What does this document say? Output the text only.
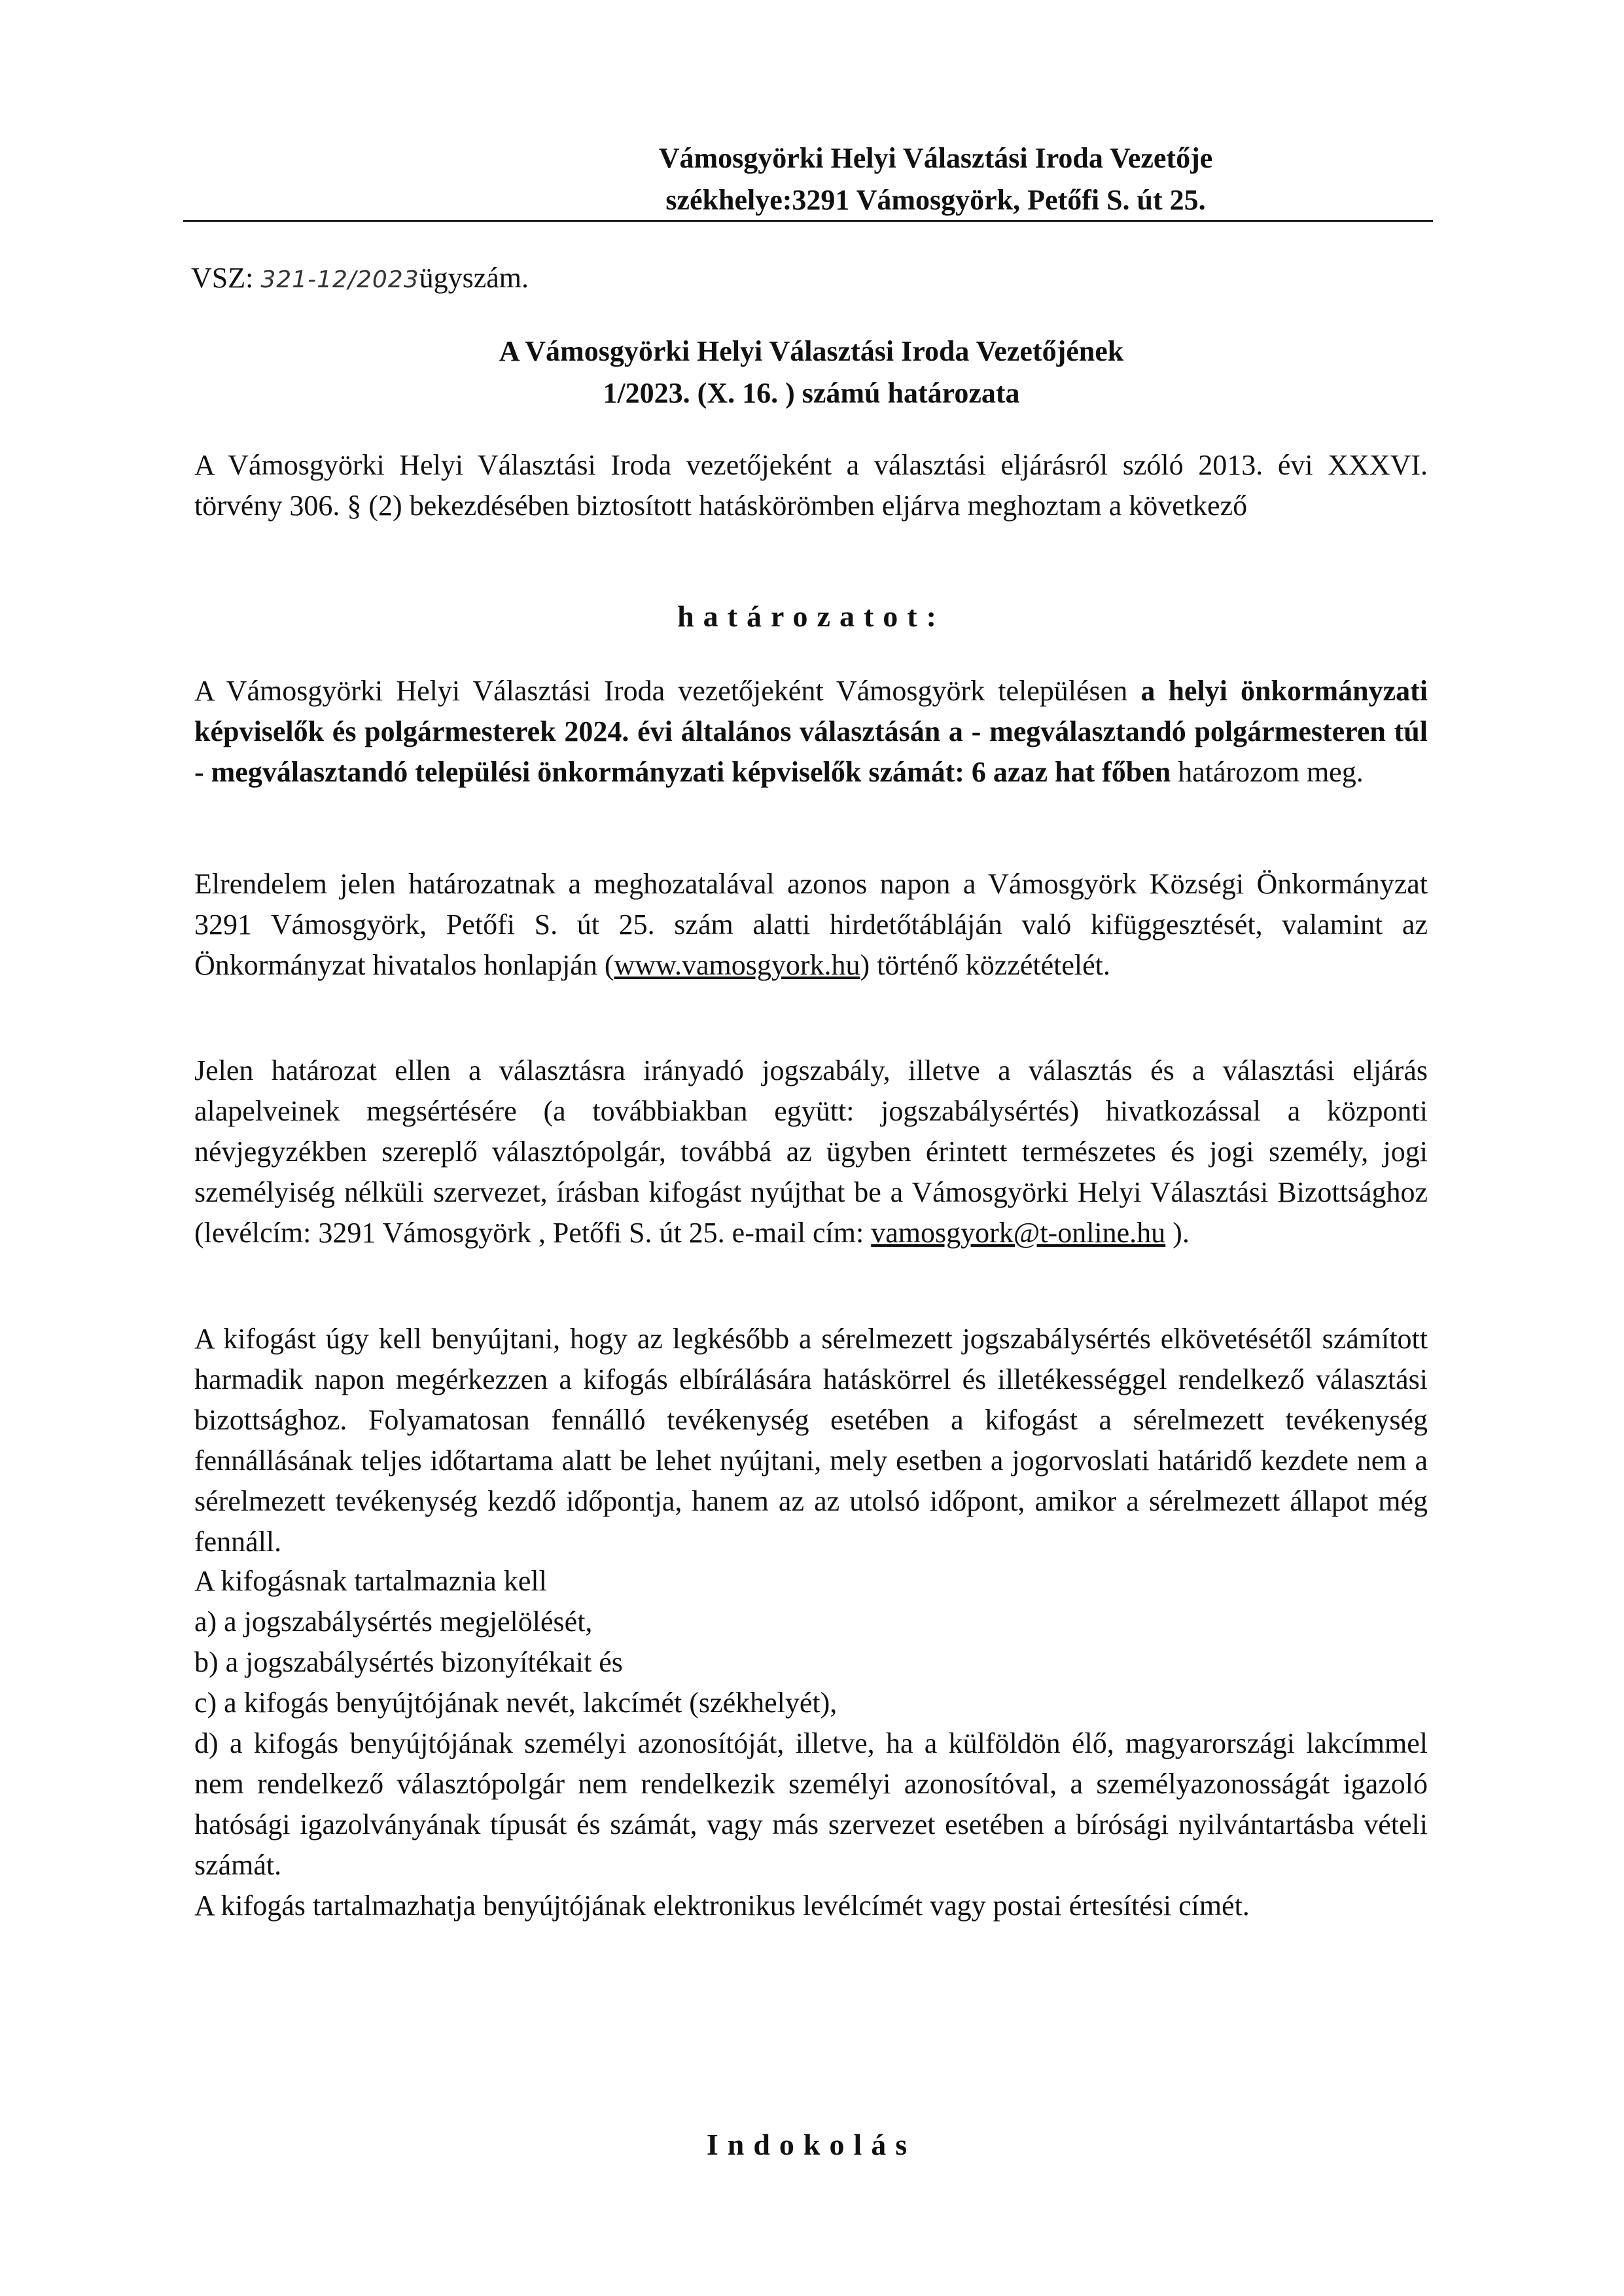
Vámosgyörki Helyi Választási Iroda Vezetője
székhelye:3291 Vámosgyörk, Petőfi S. út 25.
VSZ: 321-12/2023ügyszám.
A Vámosgyörki Helyi Választási Iroda Vezetőjének
1/2023. (X. 16. ) számú határozata

A Vámosgyörki Helyi Választási Iroda vezetőjeként a választási eljárásról szóló 2013. évi XXXVI. törvény 306. § (2) bekezdésében biztosított hatáskörömben eljárva meghoztam a következő

határozatot:

A Vámosgyörki Helyi Választási Iroda vezetőjeként Vámosgyörk településen a helyi önkormányzati képviselők és polgármesterek 2024. évi általános választásán a - megválasztandó polgármesteren túl - megválasztandó települési önkormányzati képviselők számát: 6 azaz hat főben határozom meg.

Elrendelem jelen határozatnak a meghozatalával azonos napon a Vámosgyörk Községi Önkormányzat 3291 Vámosgyörk, Petőfi S. út 25. szám alatti hirdetőtábláján való kifüggesztését, valamint az Önkormányzat hivatalos honlapján (www.vamosgyork.hu) történő közzétételét.

Jelen határozat ellen a választásra irányadó jogszabály, illetve a választás és a választási eljárás alapelveinek megsértésére (a továbbiakban együtt: jogszabálysértés) hivatkozással a központi névjegyzékben szereplő választópolgár, továbbá az ügyben érintett természetes és jogi személy, jogi személyiség nélküli szervezet, írásban kifogást nyújthat be a Vámosgyörki Helyi Választási Bizottsághoz (levélcím: 3291 Vámosgyörk , Petőfi S. út 25. e-mail cím: vamosgyork@t-online.hu ).

A kifogást úgy kell benyújtani, hogy az legkésőbb a sérelmezett jogszabálysértés elkövetésétől számított harmadik napon megérkezzen a kifogás elbírálására hatáskörrel és illetékességgel rendelkező választási bizottsághoz. Folyamatosan fennálló tevékenység esetében a kifogást a sérelmezett tevékenység fennállásának teljes időtartama alatt be lehet nyújtani, mely esetben a jogorvoslati határidő kezdete nem a sérelmezett tevékenység kezdő időpontja, hanem az az utolsó időpont, amikor a sérelmezett állapot még fennáll.

A kifogásnak tartalmaznia kell
a) a jogszabálysértés megjelölését,
b) a jogszabálysértés bizonyítékait és
c) a kifogás benyújtójának nevét, lakcímét (székhelyét),
d) a kifogás benyújtójának személyi azonosítóját, illetve, ha a külföldön élő, magyarországi lakcímmel nem rendelkező választópolgár nem rendelkezik személyi azonosítóval, a személyazonosságát igazoló hatósági igazolványának típusát és számát, vagy más szervezet esetében a bírósági nyilvántartásba vételi számát.
A kifogás tartalmazhatja benyújtójának elektronikus levélcímét vagy postai értesítési címét.
Indokolás
